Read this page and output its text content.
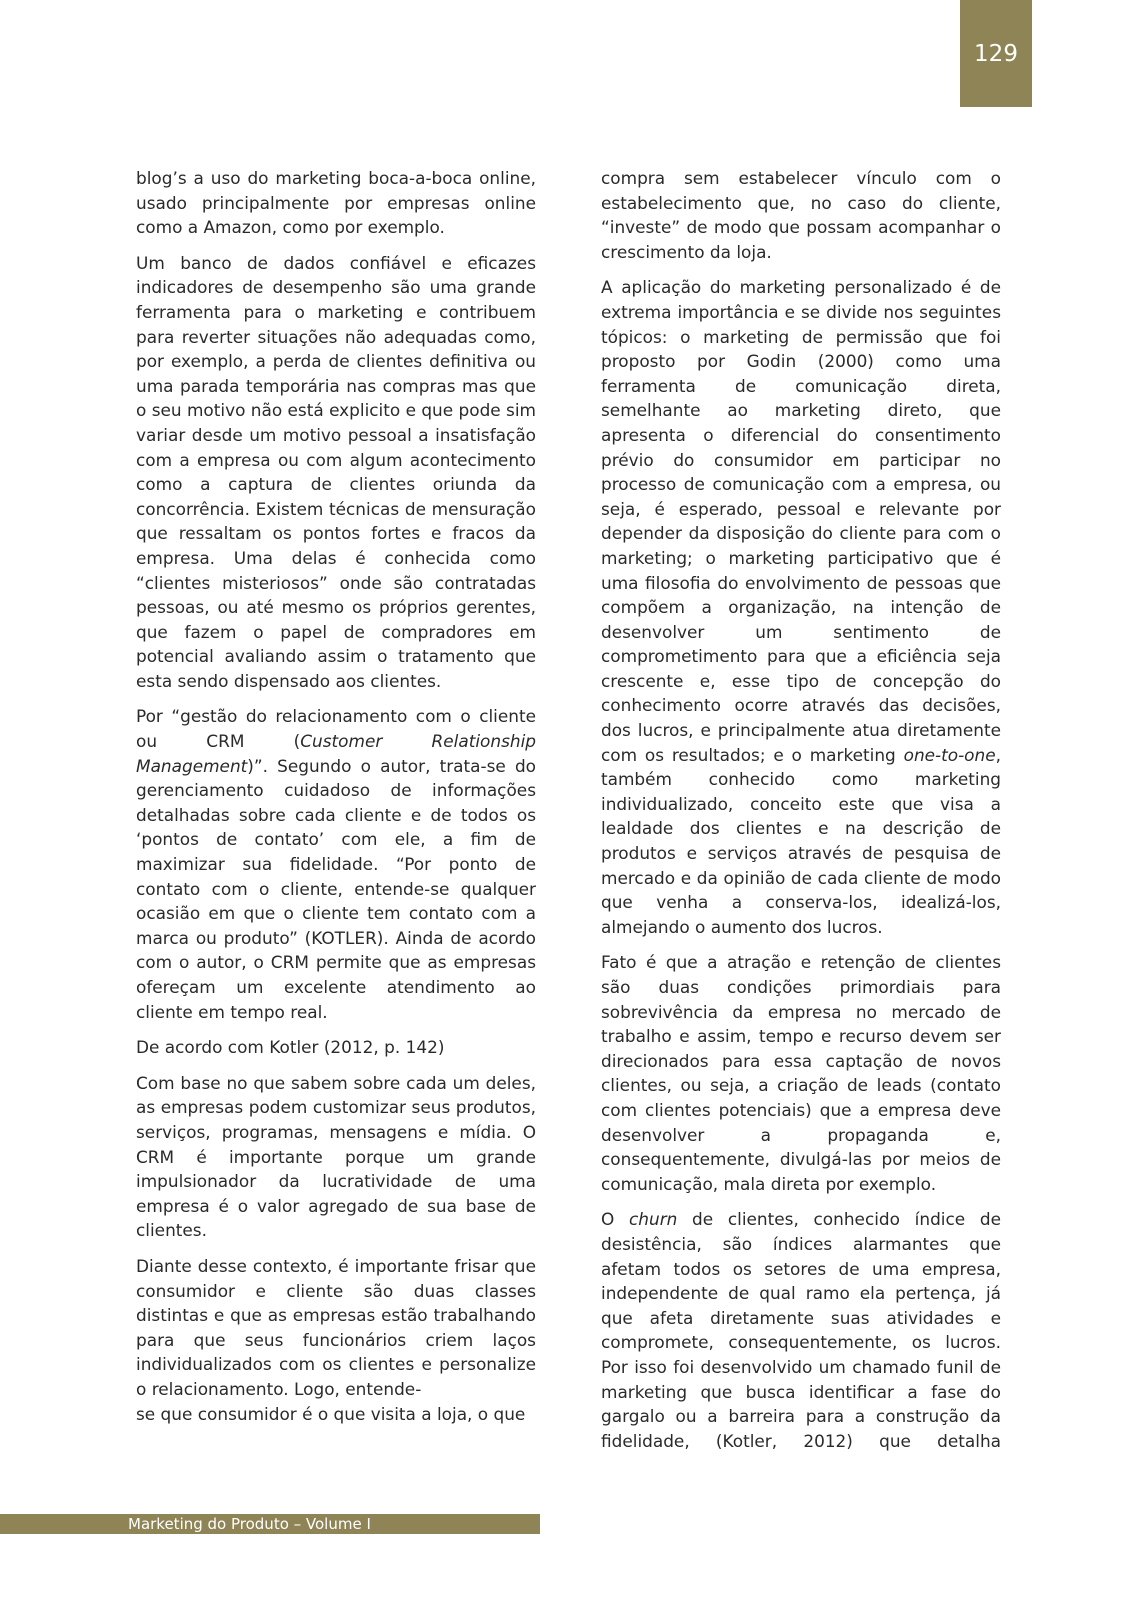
129

blog’s a uso do marketing boca-a-boca online, usado principalmente por empresas online como a Amazon, como por exemplo.

Um banco de dados confiável e eficazes indicadores de desempenho são uma grande ferramenta para o marketing e contribuem para reverter situações não adequadas como, por exemplo, a perda de clientes definitiva ou uma parada temporária nas compras mas que o seu motivo não está explicito e que pode sim variar desde um motivo pessoal a insatisfação com a empresa ou com algum acontecimento como a captura de clientes oriunda da concorrência. Existem técnicas de mensuração que ressaltam os pontos fortes e fracos da empresa. Uma delas é conhecida como “clientes misteriosos” onde são contratadas pessoas, ou até mesmo os próprios gerentes, que fazem o papel de compradores em potencial avaliando assim o tratamento que esta sendo dispensado aos clientes.

Por “gestão do relacionamento com o cliente ou CRM (Customer Relationship Management)”. Segundo o autor, trata-se do gerenciamento cuidadoso de informações detalhadas sobre cada cliente e de todos os ‘pontos de contato’ com ele, a fim de maximizar sua fidelidade. “Por ponto de contato com o cliente, entende-se qualquer ocasião em que o cliente tem contato com a marca ou produto” (KOTLER). Ainda de acordo com o autor, o CRM permite que as empresas ofereçam um excelente atendimento ao cliente em tempo real.

De acordo com Kotler (2012, p. 142)

Com base no que sabem sobre cada um deles, as empresas podem customizar seus produtos, serviços, programas, mensagens e mídia. O CRM é importante porque um grande impulsionador da lucratividade de uma empresa é o valor agregado de sua base de clientes.

Diante desse contexto, é importante frisar que consumidor e cliente são duas classes distintas e que as empresas estão trabalhando para que seus funcionários criem laços individualizados com os clientes e personalize o relacionamento. Logo, entende-
se que consumidor é o que visita a loja, o que

compra sem estabelecer vínculo com o estabelecimento que, no caso do cliente, “investe” de modo que possam acompanhar o crescimento da loja.

A aplicação do marketing personalizado é de extrema importância e se divide nos seguintes tópicos: o marketing de permissão que foi proposto por Godin (2000) como uma ferramenta de comunicação direta, semelhante ao marketing direto, que apresenta o diferencial do consentimento prévio do consumidor em participar no processo de comunicação com a empresa, ou seja, é esperado, pessoal e relevante por depender da disposição do cliente para com o marketing; o marketing participativo que é uma filosofia do envolvimento de pessoas que compõem a organização, na intenção de desenvolver um sentimento de comprometimento para que a eficiência seja crescente e, esse tipo de concepção do conhecimento ocorre através das decisões, dos lucros, e principalmente atua diretamente com os resultados; e o marketing one-to-one, também conhecido como marketing individualizado, conceito este que visa a lealdade dos clientes e na descrição de produtos e serviços através de pesquisa de mercado e da opinião de cada cliente de modo que venha a conserva-los, idealizá-los, almejando o aumento dos lucros.

Fato é que a atração e retenção de clientes são duas condições primordiais para sobrevivência da empresa no mercado de trabalho e assim, tempo e recurso devem ser direcionados para essa captação de novos clientes, ou seja, a criação de leads (contato com clientes potenciais) que a empresa deve desenvolver a propaganda e, consequentemente, divulgá-las por meios de comunicação, mala direta por exemplo.

O churn de clientes, conhecido índice de desistência, são índices alarmantes que afetam todos os setores de uma empresa, independente de qual ramo ela pertença, já que afeta diretamente suas atividades e compromete, consequentemente, os lucros. Por isso foi desenvolvido um chamado funil de marketing que busca identificar a fase do gargalo ou a barreira para a construção da fidelidade, (Kotler, 2012) que detalha

Marketing do Produto – Volume I
